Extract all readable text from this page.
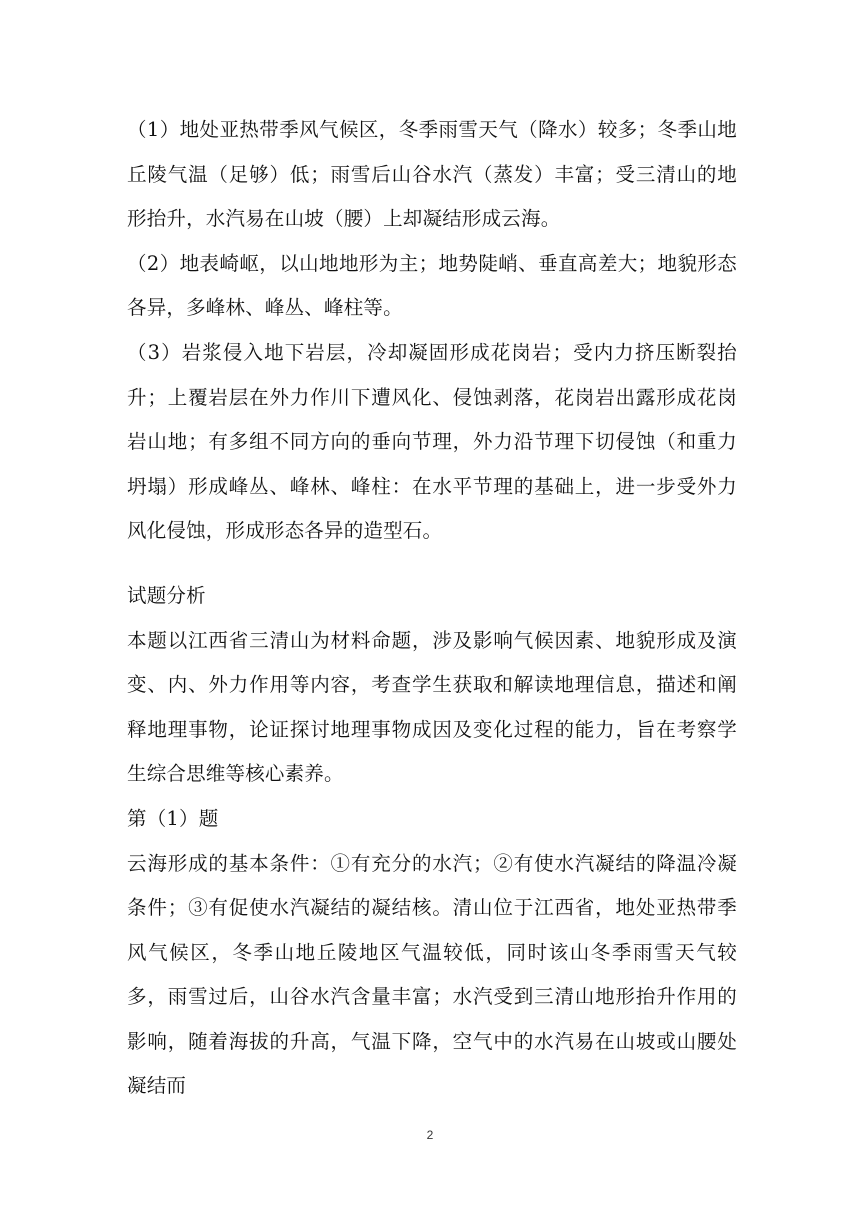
（1）地处亚热带季风气候区，冬季雨雪天气（降水）较多；冬季山地丘陵气温（足够）低；雨雪后山谷水汽（蒸发）丰富；受三清山的地形抬升，水汽易在山坡（腰）上却凝结形成云海。

（2）地表崎岖，以山地地形为主；地势陡峭、垂直高差大；地貌形态各异，多峰林、峰丛、峰柱等。

（3）岩浆侵入地下岩层，冷却凝固形成花岗岩；受内力挤压断裂抬升；上覆岩层在外力作川下遭风化、侵蚀剥落，花岗岩出露形成花岗岩山地；有多组不同方向的垂向节理，外力沿节理下切侵蚀（和重力坍塌）形成峰丛、峰林、峰柱：在水平节理的基础上，进一步受外力风化侵蚀，形成形态各异的造型石。

试题分析

本题以江西省三清山为材料命题，涉及影响气候因素、地貌形成及演变、内、外力作用等内容，考查学生获取和解读地理信息，描述和阐释地理事物，论证探讨地理事物成因及变化过程的能力，旨在考察学生综合思维等核心素养。

第（1）题

云海形成的基本条件：①有充分的水汽；②有使水汽凝结的降温冷凝条件；③有促使水汽凝结的凝结核。清山位于江西省，地处亚热带季风气候区，冬季山地丘陵地区气温较低，同时该山冬季雨雪天气较多，雨雪过后，山谷水汽含量丰富；水汽受到三清山地形抬升作用的影响，随着海拔的升高，气温下降，空气中的水汽易在山坡或山腰处凝结而

2
